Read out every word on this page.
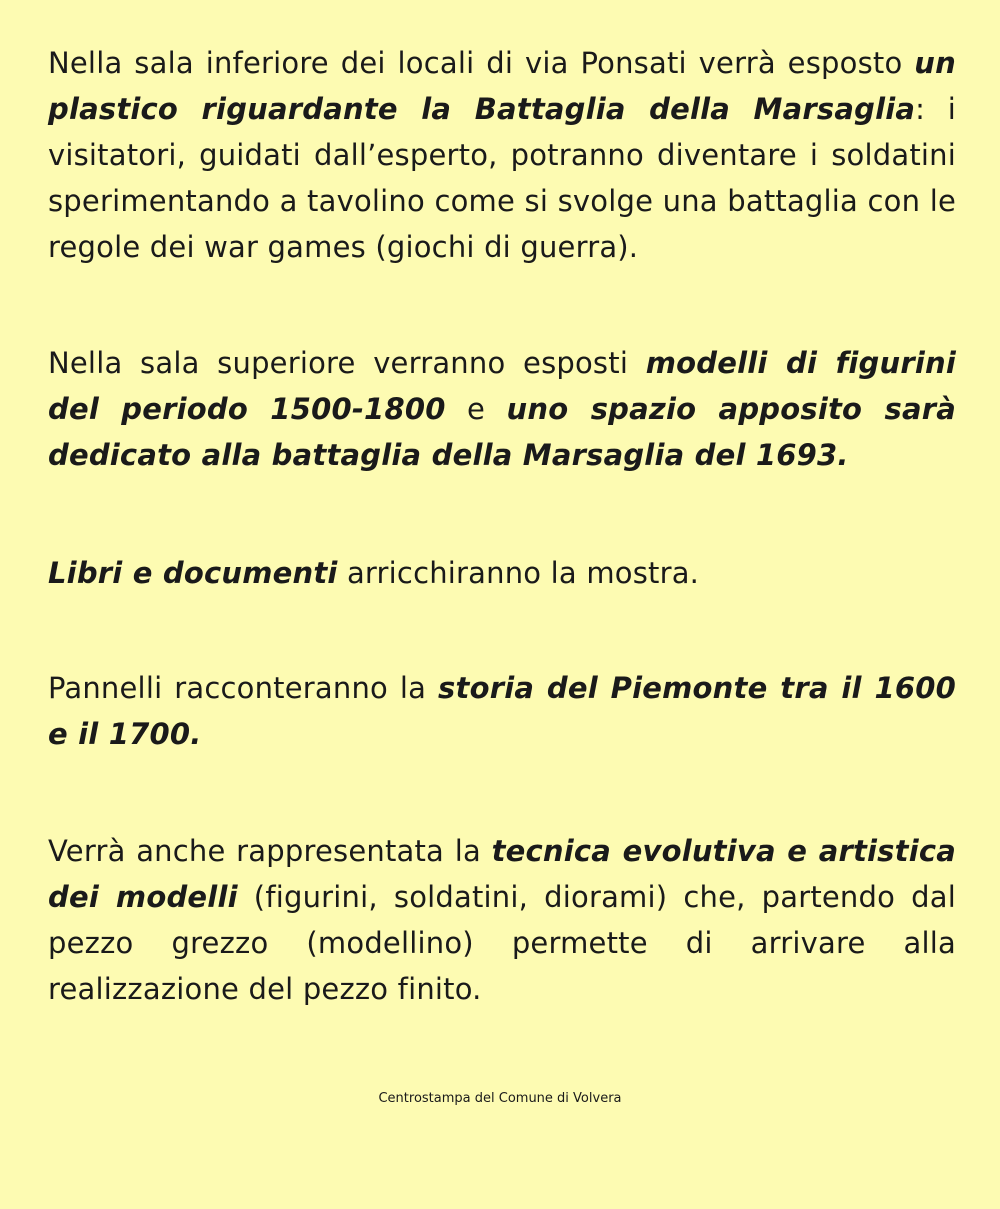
Nella sala inferiore dei locali di via Ponsati verrà esposto un plastico riguardante la Battaglia della Marsaglia: i visitatori, guidati dall’esperto, potranno diventare i soldatini sperimentando a tavolino come si svolge una battaglia con le regole dei war games (giochi di guerra).

Nella sala superiore verranno esposti modelli di figurini del periodo 1500-1800 e uno spazio apposito sarà dedicato alla battaglia della Marsaglia del 1693.

Libri e documenti arricchiranno la mostra.

Pannelli racconteranno la storia del Piemonte tra il 1600 e il 1700.

Verrà anche rappresentata la tecnica evolutiva e artistica dei modelli (figurini, soldatini, diorami) che, partendo dal pezzo grezzo (modellino) permette di arrivare alla realizzazione del pezzo finito.

Centrostampa del Comune di Volvera
